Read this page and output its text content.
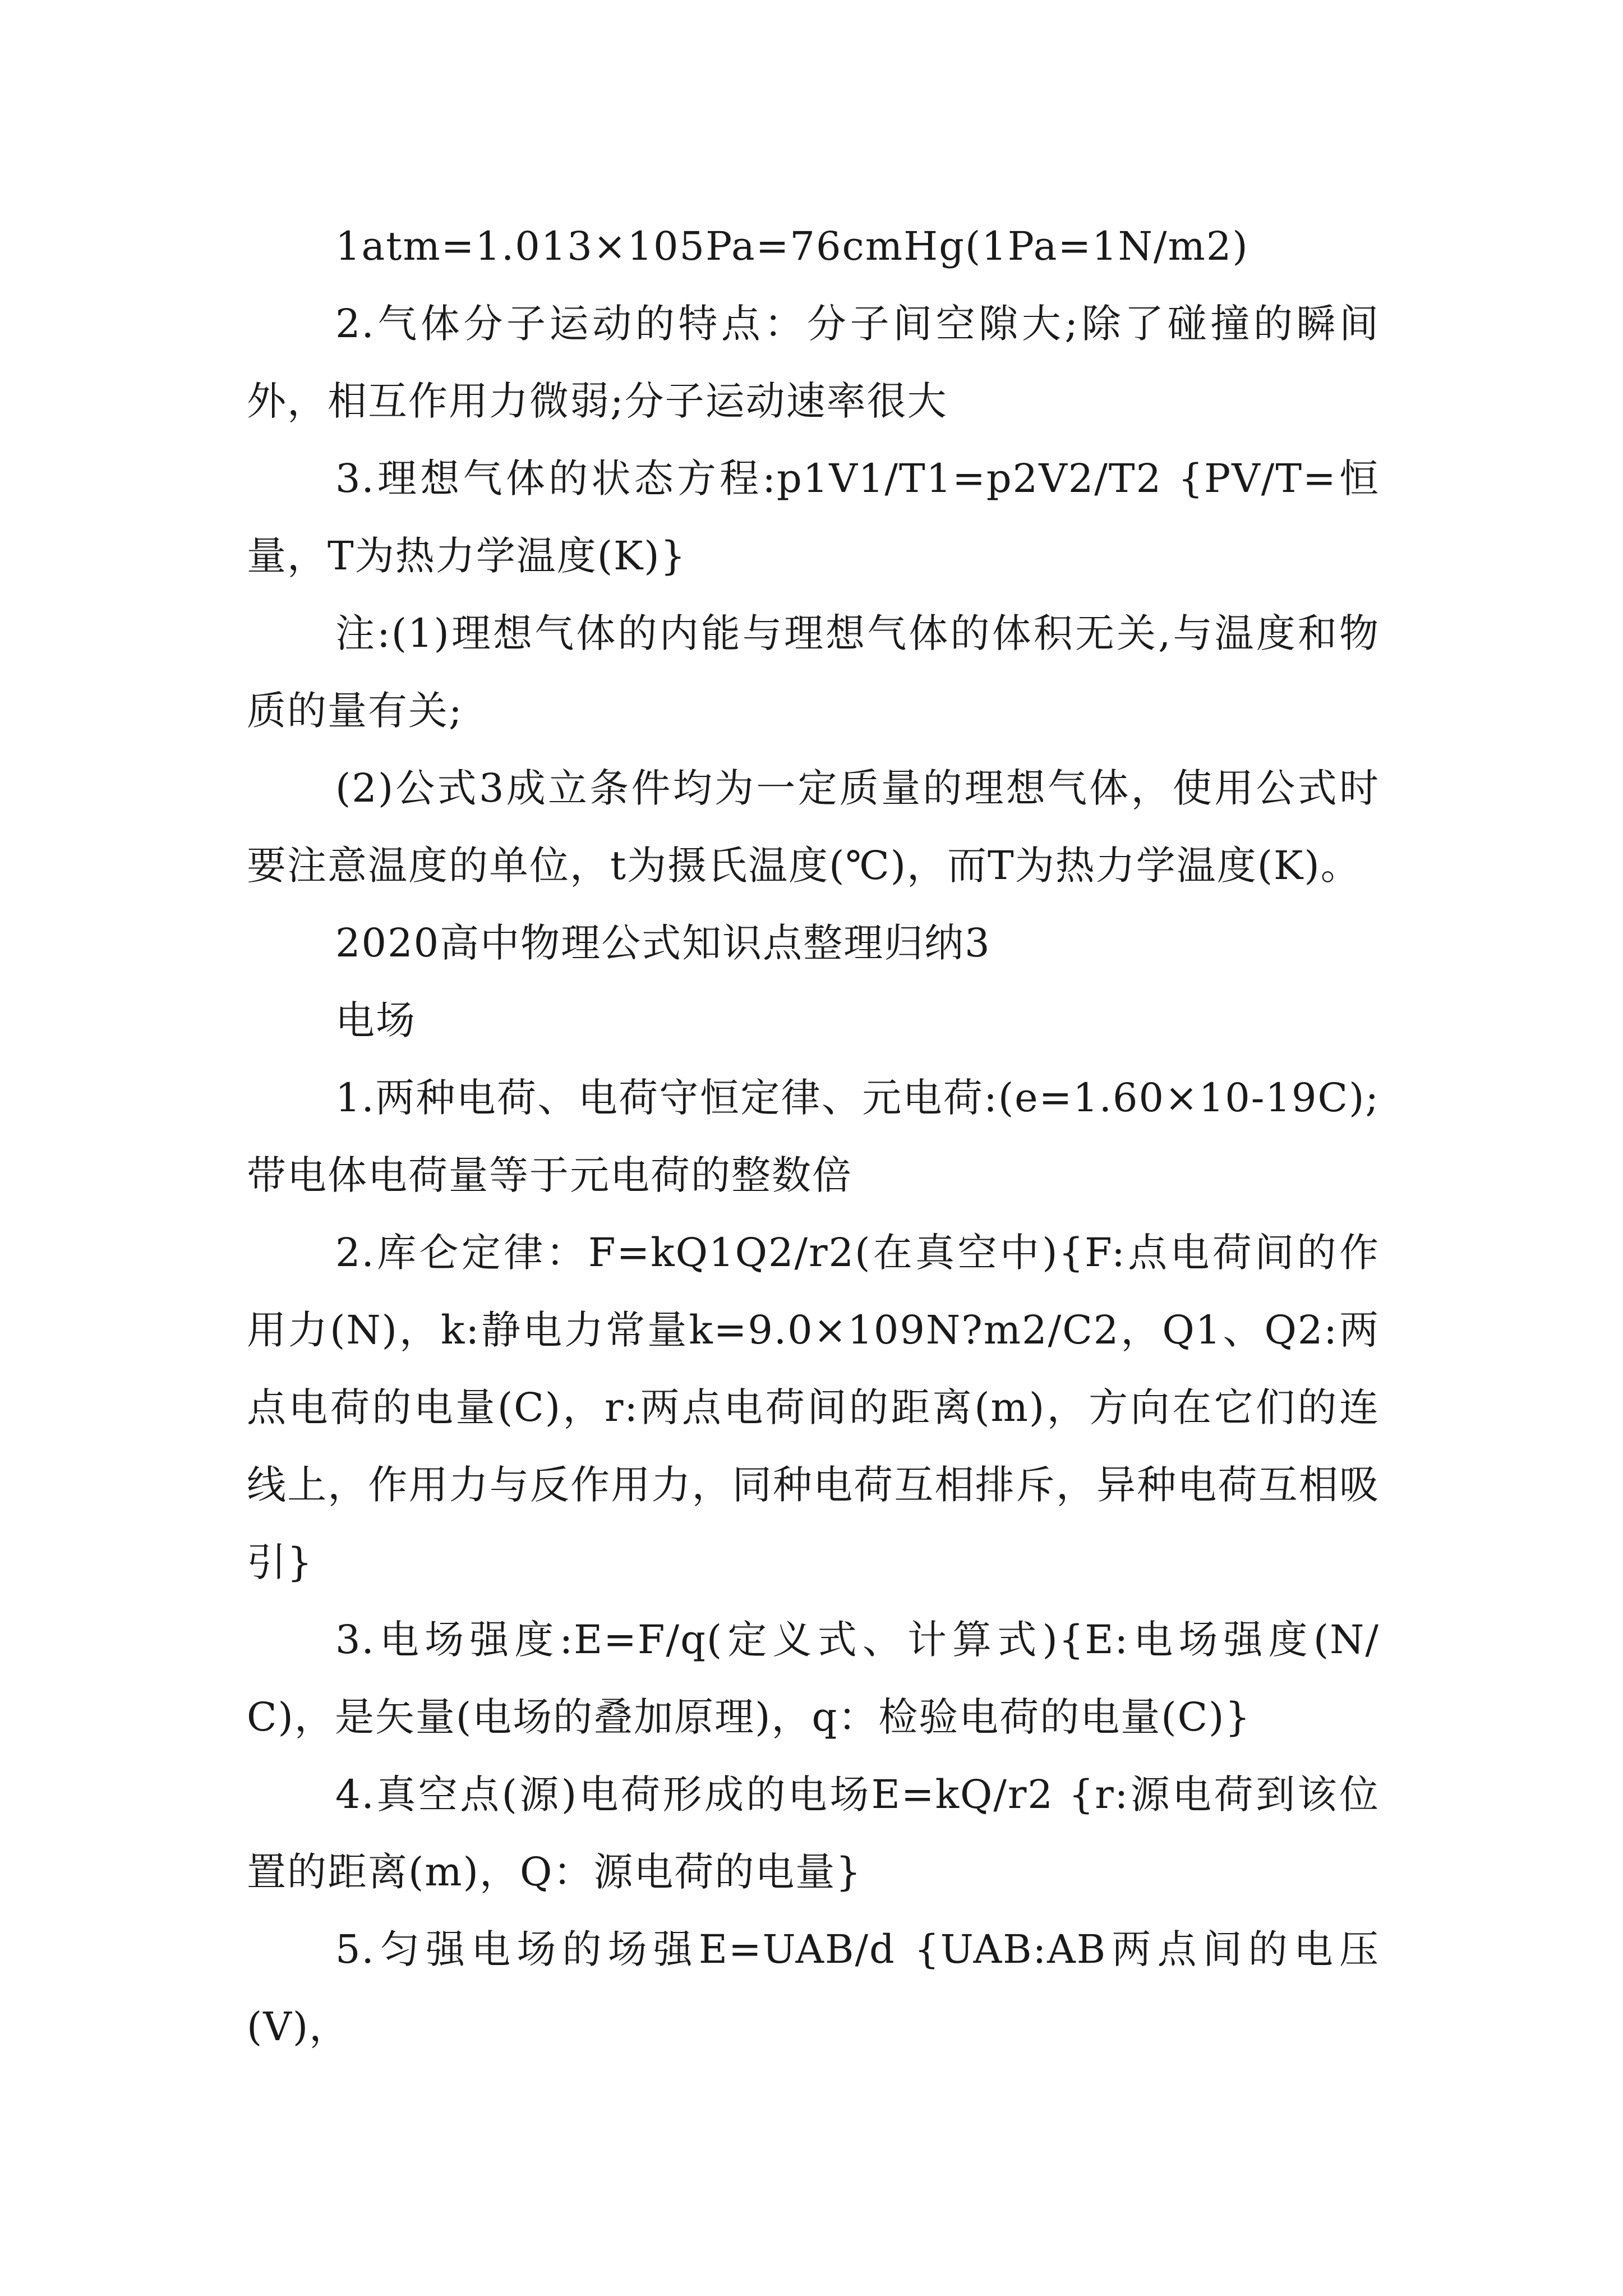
1atm=1.013×105Pa=76cmHg(1Pa=1N/m2)

2.气体分子运动的特点：分子间空隙大;除了碰撞的瞬间外，相互作用力微弱;分子运动速率很大

3.理想气体的状态方程:p1V1/T1=p2V2/T2 {PV/T=恒量，T为热力学温度(K)}

注:(1)理想气体的内能与理想气体的体积无关,与温度和物质的量有关;

(2)公式3成立条件均为一定质量的理想气体，使用公式时要注意温度的单位，t为摄氏温度(℃)，而T为热力学温度(K)。

2020高中物理公式知识点整理归纳3

电场

1.两种电荷、电荷守恒定律、元电荷:(e=1.60×10-19C);带电体电荷量等于元电荷的整数倍

2.库仑定律：F=kQ1Q2/r2(在真空中){F:点电荷间的作用力(N)，k:静电力常量k=9.0×109N?m2/C2，Q1、Q2:两点电荷的电量(C)，r:两点电荷间的距离(m)，方向在它们的连线上，作用力与反作用力，同种电荷互相排斥，异种电荷互相吸引}

3.电场强度:E=F/q(定义式、计算式){E:电场强度(N/C)，是矢量(电场的叠加原理)，q：检验电荷的电量(C)}

4.真空点(源)电荷形成的电场E=kQ/r2 {r:源电荷到该位置的距离(m)，Q：源电荷的电量}

5.匀强电场的场强E=UAB/d {UAB:AB两点间的电压(V)，
